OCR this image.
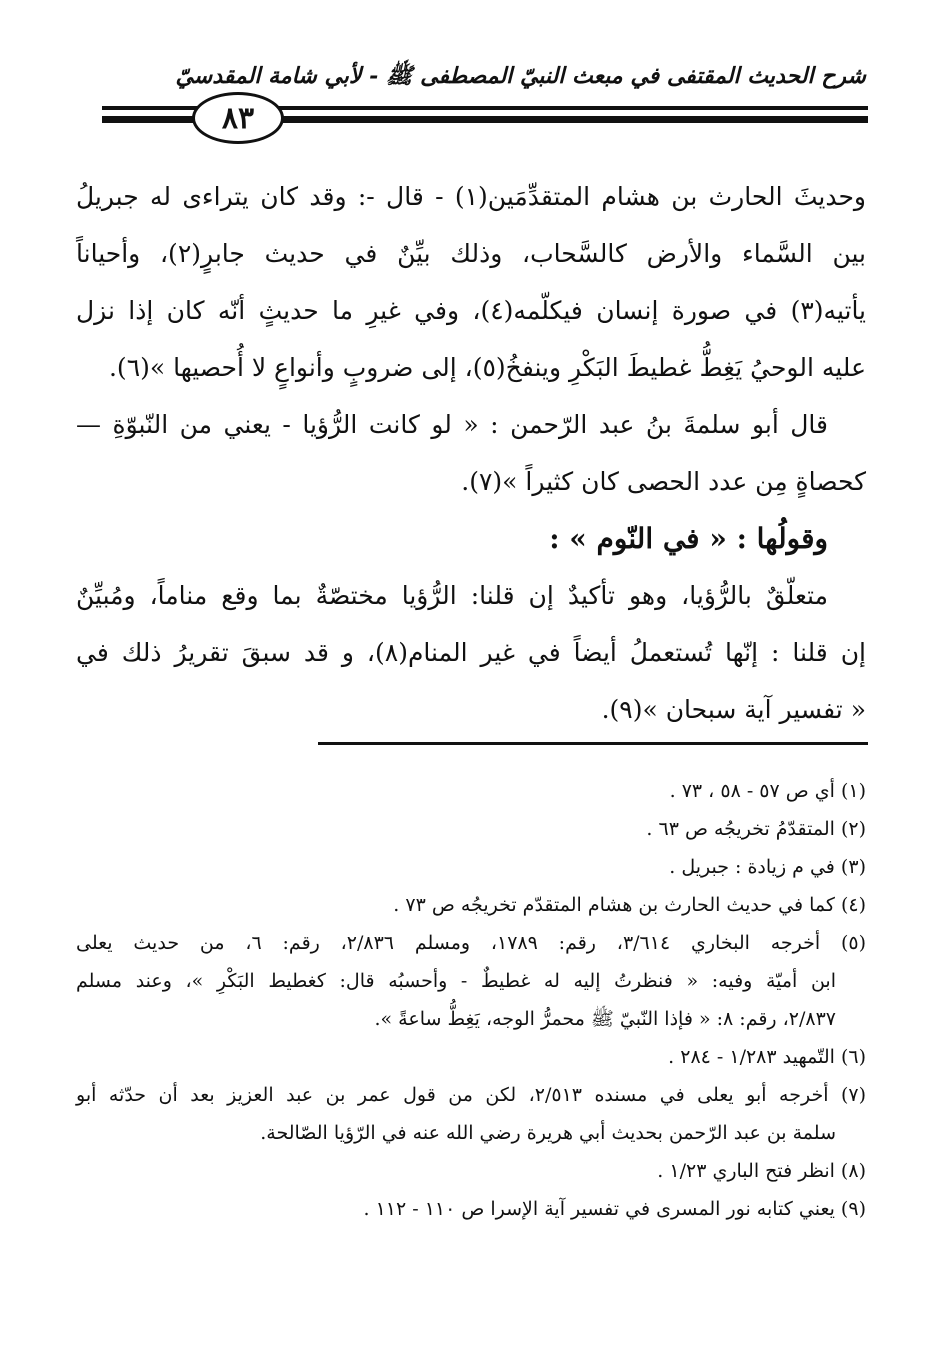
شرح الحديث المقتفى في مبعث النبيّ المصطفى ﷺ - لأبي شامة المقدسيّ
٨٣
وحديثَ الحارث بن هشام المتقدِّمَين(١) - قال -: وقد كان يتراءى له جبريلُ
بين السَّماء والأرض كالسَّحاب، وذلك بيِّنٌ في حديث جابرٍ(٢)، وأحياناً
يأتيه(٣) في صورة إنسان فيكلّمه(٤)، وفي غيرِ ما حديثٍ أنّه كان إذا نزل
عليه الوحيُ يَغِطُّ غطيطَ البَكْرِ وينفخُ(٥)، إلى ضروبٍ وأنواعٍ لا أُحصيها »(٦).
قال أبو سلمةَ بنُ عبد الرّحمن : « لو كانت الرُّؤيا - يعني من النّبوّةِ —
كحصاةٍ مِن عدد الحصى كان كثيراً »(٧).
وقولُها : « في النّوم » :
متعلّقٌ بالرُّؤيا، وهو تأكيدٌ إن قلنا: الرُّؤيا مختصّةٌ بما وقع مناماً، ومُبيِّنٌ
إن قلنا : إنّها تُستعملُ أيضاً في غير المنام(٨)، و قد سبقَ تقريرُ ذلك في
« تفسير آية سبحان »(٩).
(١) أي ص ٥٧ - ٥٨ ، ٧٣ .
(٢) المتقدّمُ تخريجُه ص ٦٣ .
(٣) في م زيادة : جبريل .
(٤) كما في حديث الحارث بن هشام المتقدّم تخريجُه ص ٧٣ .
(٥) أخرجه البخاري ٣/٦١٤، رقم: ١٧٨٩، ومسلم ٢/٨٣٦، رقم: ٦، من حديث يعلى
ابن أميّة وفيه: « فنظرتُ إليه له غطيطٌ - وأحسبُه قال: كغطيط البَكْرِ »، وعند مسلم
٢/٨٣٧، رقم: ٨: « فإذا النّبيّ ﷺ محمرُّ الوجه، يَغِطُّ ساعةً ».
(٦) التّمهيد ١/٢٨٣ - ٢٨٤ .
(٧) أخرجه أبو يعلى في مسنده ٢/٥١٣، لكن من قول عمر بن عبد العزيز بعد أن حدّثه أبو
سلمة بن عبد الرّحمن بحديث أبي هريرة رضي الله عنه في الرّؤيا الصّالحة.
(٨) انظر فتح الباري ١/٢٣ .
(٩) يعني كتابه نور المسرى في تفسير آية الإسرا ص ١١٠ - ١١٢ .
